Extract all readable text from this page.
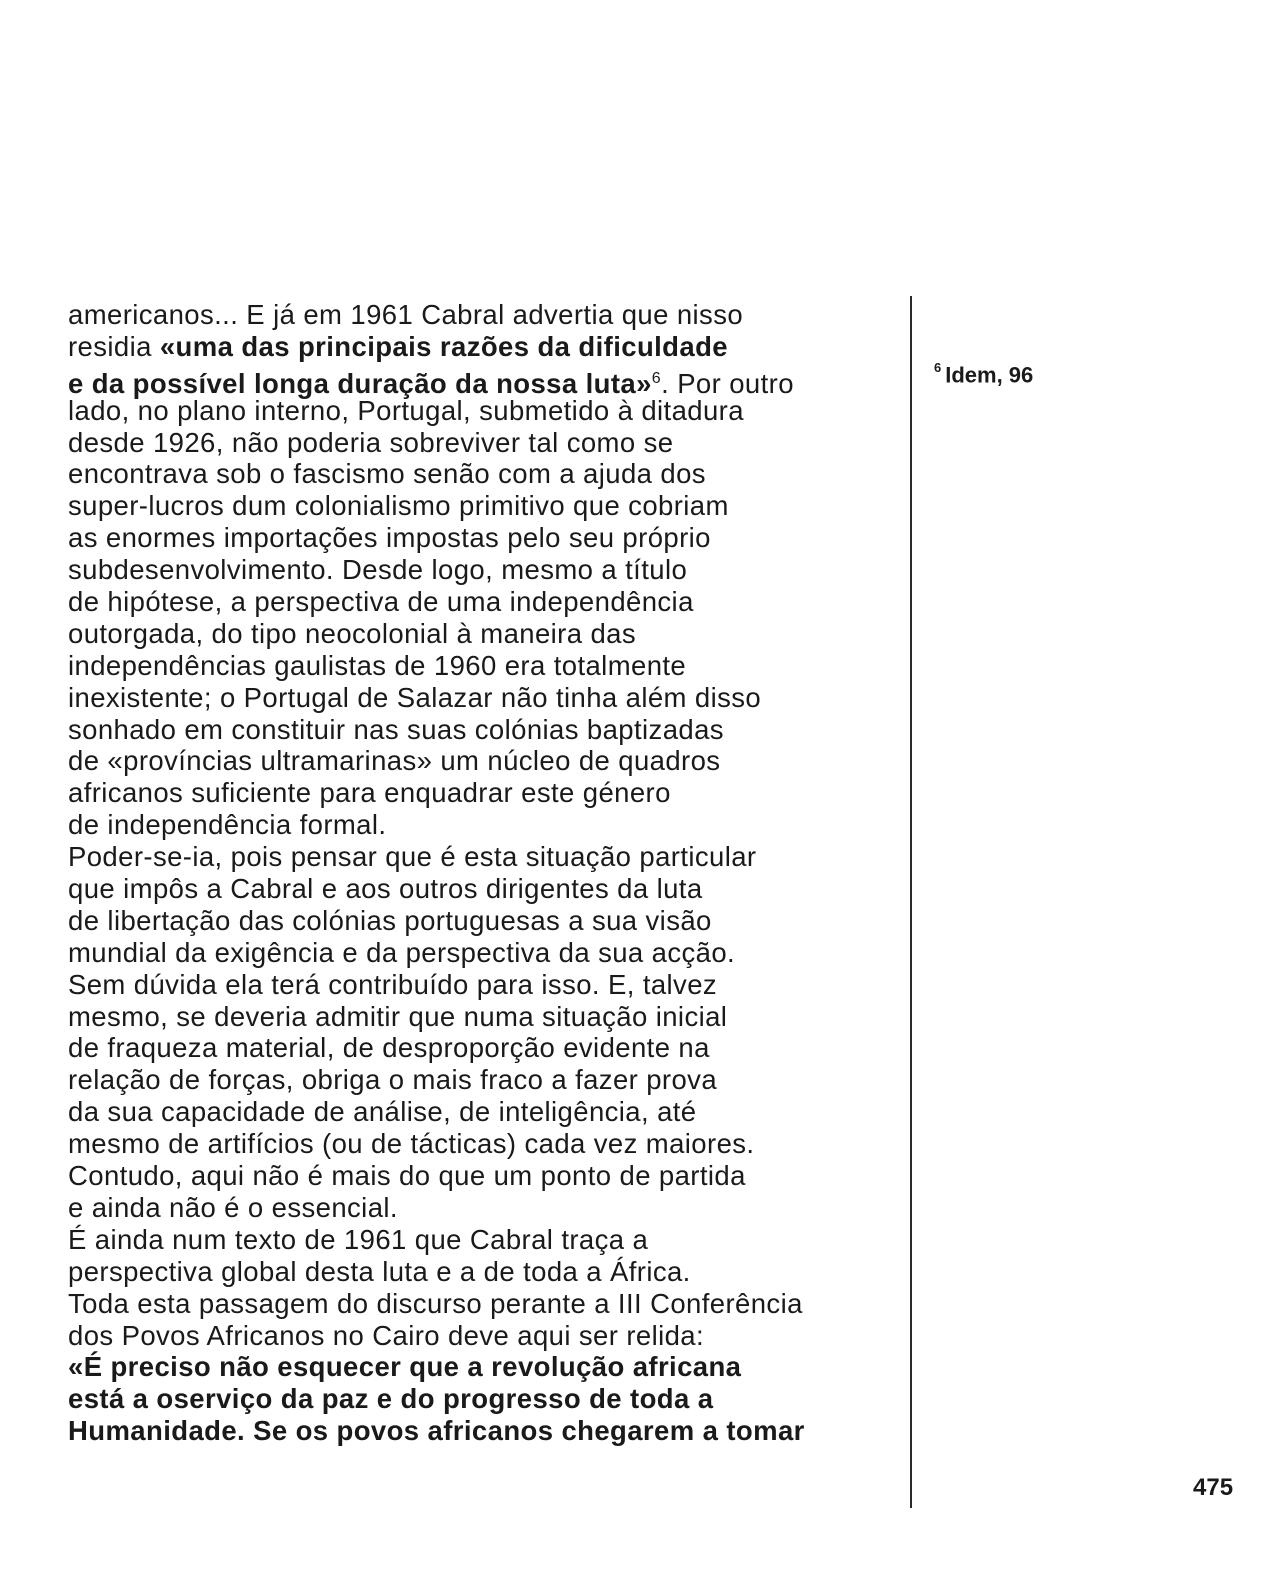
americanos... E já em 1961 Cabral advertia que nisso
residia «uma das principais razões da dificuldade
e da possível longa duração da nossa luta»$^6$. Por outro
lado, no plano interno, Portugal, submetido à ditadura
desde 1926, não poderia sobreviver tal como se
encontrava sob o fascismo senão com a ajuda dos
super-lucros dum colonialismo primitivo que cobriam
as enormes importações impostas pelo seu próprio
subdesenvolvimento. Desde logo, mesmo a título
de hipótese, a perspectiva de uma independência
outorgada, do tipo neocolonial à maneira das
independências gaulistas de 1960 era totalmente
inexistente; o Portugal de Salazar não tinha além disso
sonhado em constituir nas suas colónias baptizadas
de «províncias ultramarinas» um núcleo de quadros
africanos suficiente para enquadrar este género
de independência formal.
Poder-se-ia, pois pensar que é esta situação particular
que impôs a Cabral e aos outros dirigentes da luta
de libertação das colónias portuguesas a sua visão
mundial da exigência e da perspectiva da sua acção.
Sem dúvida ela terá contribuído para isso. E, talvez
mesmo, se deveria admitir que numa situação inicial
de fraqueza material, de desproporção evidente na
relação de forças, obriga o mais fraco a fazer prova
da sua capacidade de análise, de inteligência, até
mesmo de artifícios (ou de tácticas) cada vez maiores.
Contudo, aqui não é mais do que um ponto de partida
e ainda não é o essencial.
É ainda num texto de 1961 que Cabral traça a
perspectiva global desta luta e a de toda a África.
Toda esta passagem do discurso perante a III Conferência
dos Povos Africanos no Cairo deve aqui ser relida:
«É preciso não esquecer que a revolução africana
está a oserviço da paz e do progresso de toda a
Humanidade. Se os povos africanos chegarem a tomar
$^6$ Idem, 96
475
